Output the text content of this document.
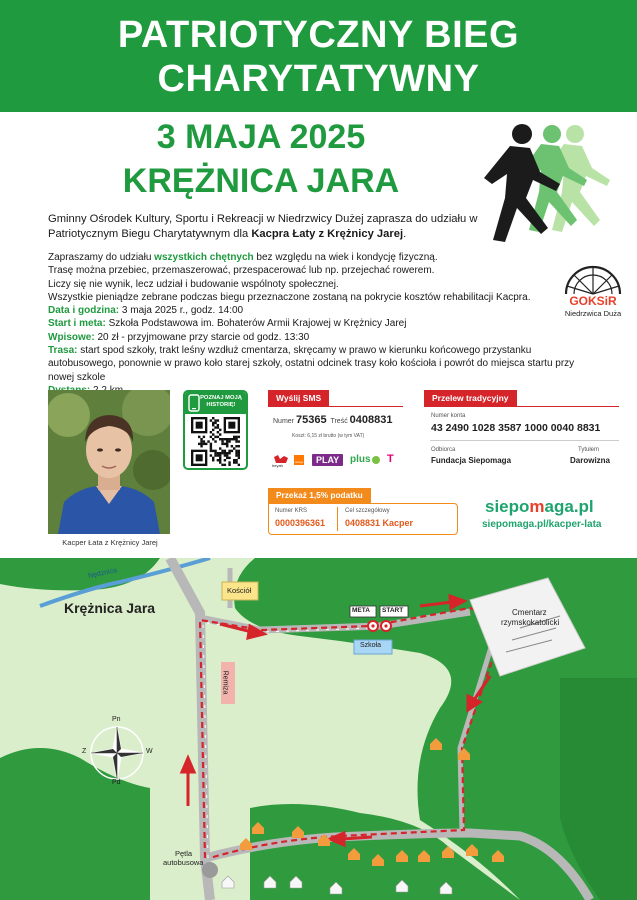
PATRIOTYCZNY BIEG
CHARYTATYWNY
3 MAJA 2025
KRĘŻNICA JARA
Gminny Ośrodek Kultury, Sportu i Rekreacji w Niedrzwicy Dużej zaprasza do udziału w Patriotycznym Biegu Charytatywnym dla Kacpra Łaty z Krężnicy Jarej.
Zapraszamy do udziału wszystkich chętnych bez względu na wiek i kondycję fizyczną.
Trasę można przebiec, przemaszerować, przespacerować lub np. przejechać rowerem.
Liczy się nie wynik, lecz udział i budowanie wspólnoty społecznej.
Wszystkie pieniądze zebrane podczas biegu przeznaczone zostaną na pokrycie kosztów rehabilitacji Kacpra.
Data i godzina: 3 maja 2025 r., godz. 14:00
Start i meta: Szkoła Podstawowa im. Bohaterów Armii Krajowej w Krężnicy Jarej
Wpisowe: 20 zł - przyjmowane przy starcie od godz. 13:30
Trasa: start spod szkoły, trakt leśny wzdłuż cmentarza, skręcamy w prawo w kierunku końcowego przystanku autobusowego, ponownie w prawo koło starej szkoły, ostatni odcinek trasy koło kościoła i powrót do miejsca startu przy nowej szkole
GOKSiR
Niedrzwica Duża
Kacper Łata z Krężnicy Jarej
POZNAJ MOJĄ HISTORIĘ!
Wyślij SMS
Numer 75365 Treść 0408831
Koszt: 6,15 zł brutto (w tym VAT)
heyah
orange	PLAY	plus T
Przelew tradycyjny
Numer konta
43 2490 1028 3587 1000 0040 8831
Odbiorca
Fundacja Siepomaga
Tytułem
Darowizna
Przekaż 1,5% podatku
Numer KRS
0000396361
Cel szczegółowy
0408831 Kacper
siepomaga.pl
siepomaga.pl/kacper-lata
Pn
Pd
W
Z
Krężnica Jara
Nędznica
Kościół
META START
Szkoła
Remiza
Cmentarz
rzymskokatolicki
Pętla
autobusowa
